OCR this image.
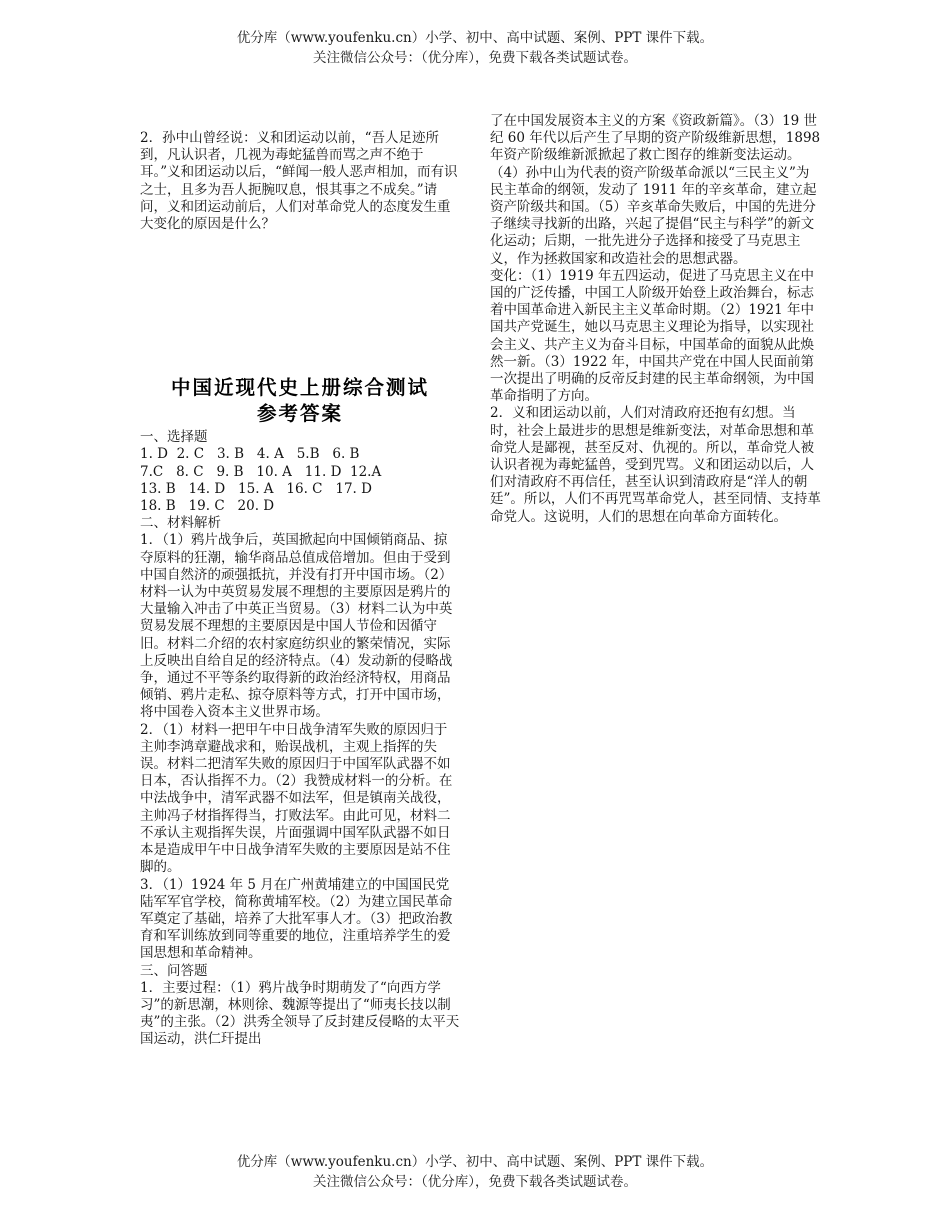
优分库（www.youfenku.cn）小学、初中、高中试题、案例、PPT 课件下载。
关注微信公众号：（优分库），免费下载各类试题试卷。

2．孙中山曾经说：义和团运动以前，“吾人足迹所到，凡认识者，几视为毒蛇猛兽而骂之声不绝于耳。”义和团运动以后，“鲜闻一般人恶声相加，而有识之士，且多为吾人扼腕叹息，恨其事之不成矣。”请问，义和团运动前后，人们对革命党人的态度发生重大变化的原因是什么？

中国近现代史上册综合测试
参考答案

一、选择题

1. D  2. C   3. B   4. A   5.B   6. B

7.C   8. C   9. B   10. A   11. D  12.A

13. B   14. D   15. A   16. C   17. D

18. B   19. C   20. D

二、材料解析

1．（1）鸦片战争后，英国掀起向中国倾销商品、掠夺原料的狂潮，输华商品总值成倍增加。但由于受到中国自然济的顽强抵抗，并没有打开中国市场。（2）材料一认为中英贸易发展不理想的主要原因是鸦片的大量输入冲击了中英正当贸易。（3）材料二认为中英贸易发展不理想的主要原因是中国人节俭和因循守旧。材料二介绍的农村家庭纺织业的繁荣情况，实际上反映出自给自足的经济特点。（4）发动新的侵略战争，通过不平等条约取得新的政治经济特权，用商品倾销、鸦片走私、掠夺原料等方式，打开中国市场，将中国卷入资本主义世界市场。

2．（1）材料一把甲午中日战争清军失败的原因归于主帅李鸿章避战求和，贻误战机，主观上指挥的失误。材料二把清军失败的原因归于中国军队武器不如日本，否认指挥不力。（2）我赞成材料一的分析。在中法战争中，清军武器不如法军，但是镇南关战役，主帅冯子材指挥得当，打败法军。由此可见，材料二不承认主观指挥失误，片面强调中国军队武器不如日本是造成甲午中日战争清军失败的主要原因是站不住脚的。

3．（1）1924 年 5 月在广州黄埔建立的中国国民党陆军军官学校，简称黄埔军校。（2）为建立国民革命军奠定了基础，培养了大批军事人才。（3）把政治教育和军训练放到同等重要的地位，注重培养学生的爱国思想和革命精神。

三、问答题

1．主要过程：（1）鸦片战争时期萌发了“向西方学习”的新思潮，林则徐、魏源等提出了“师夷长技以制夷”的主张。（2）洪秀全领导了反封建反侵略的太平天国运动，洪仁玕提出

了在中国发展资本主义的方案《资政新篇》。（3）19 世纪 60 年代以后产生了早期的资产阶级维新思想，1898 年资产阶级维新派掀起了救亡图存的维新变法运动。（4）孙中山为代表的资产阶级革命派以“三民主义”为民主革命的纲领，发动了 1911 年的辛亥革命，建立起资产阶级共和国。（5）辛亥革命失败后，中国的先进分子继续寻找新的出路，兴起了提倡“民主与科学”的新文化运动；后期，一批先进分子选择和接受了马克思主义，作为拯救国家和改造社会的思想武器。

变化：（1）1919 年五四运动，促进了马克思主义在中国的广泛传播，中国工人阶级开始登上政治舞台，标志着中国革命进入新民主主义革命时期。（2）1921 年中国共产党诞生，她以马克思主义理论为指导，以实现社会主义、共产主义为奋斗目标，中国革命的面貌从此焕然一新。（3）1922 年，中国共产党在中国人民面前第一次提出了明确的反帝反封建的民主革命纲领，为中国革命指明了方向。

2．义和团运动以前，人们对清政府还抱有幻想。当时，社会上最进步的思想是维新变法，对革命思想和革命党人是鄙视，甚至反对、仇视的。所以，革命党人被认识者视为毒蛇猛兽，受到咒骂。义和团运动以后，人们对清政府不再信任，甚至认识到清政府是“洋人的朝廷”。所以，人们不再咒骂革命党人，甚至同情、支持革命党人。这说明，人们的思想在向革命方面转化。

优分库（www.youfenku.cn）小学、初中、高中试题、案例、PPT 课件下载。
关注微信公众号：（优分库），免费下载各类试题试卷。
